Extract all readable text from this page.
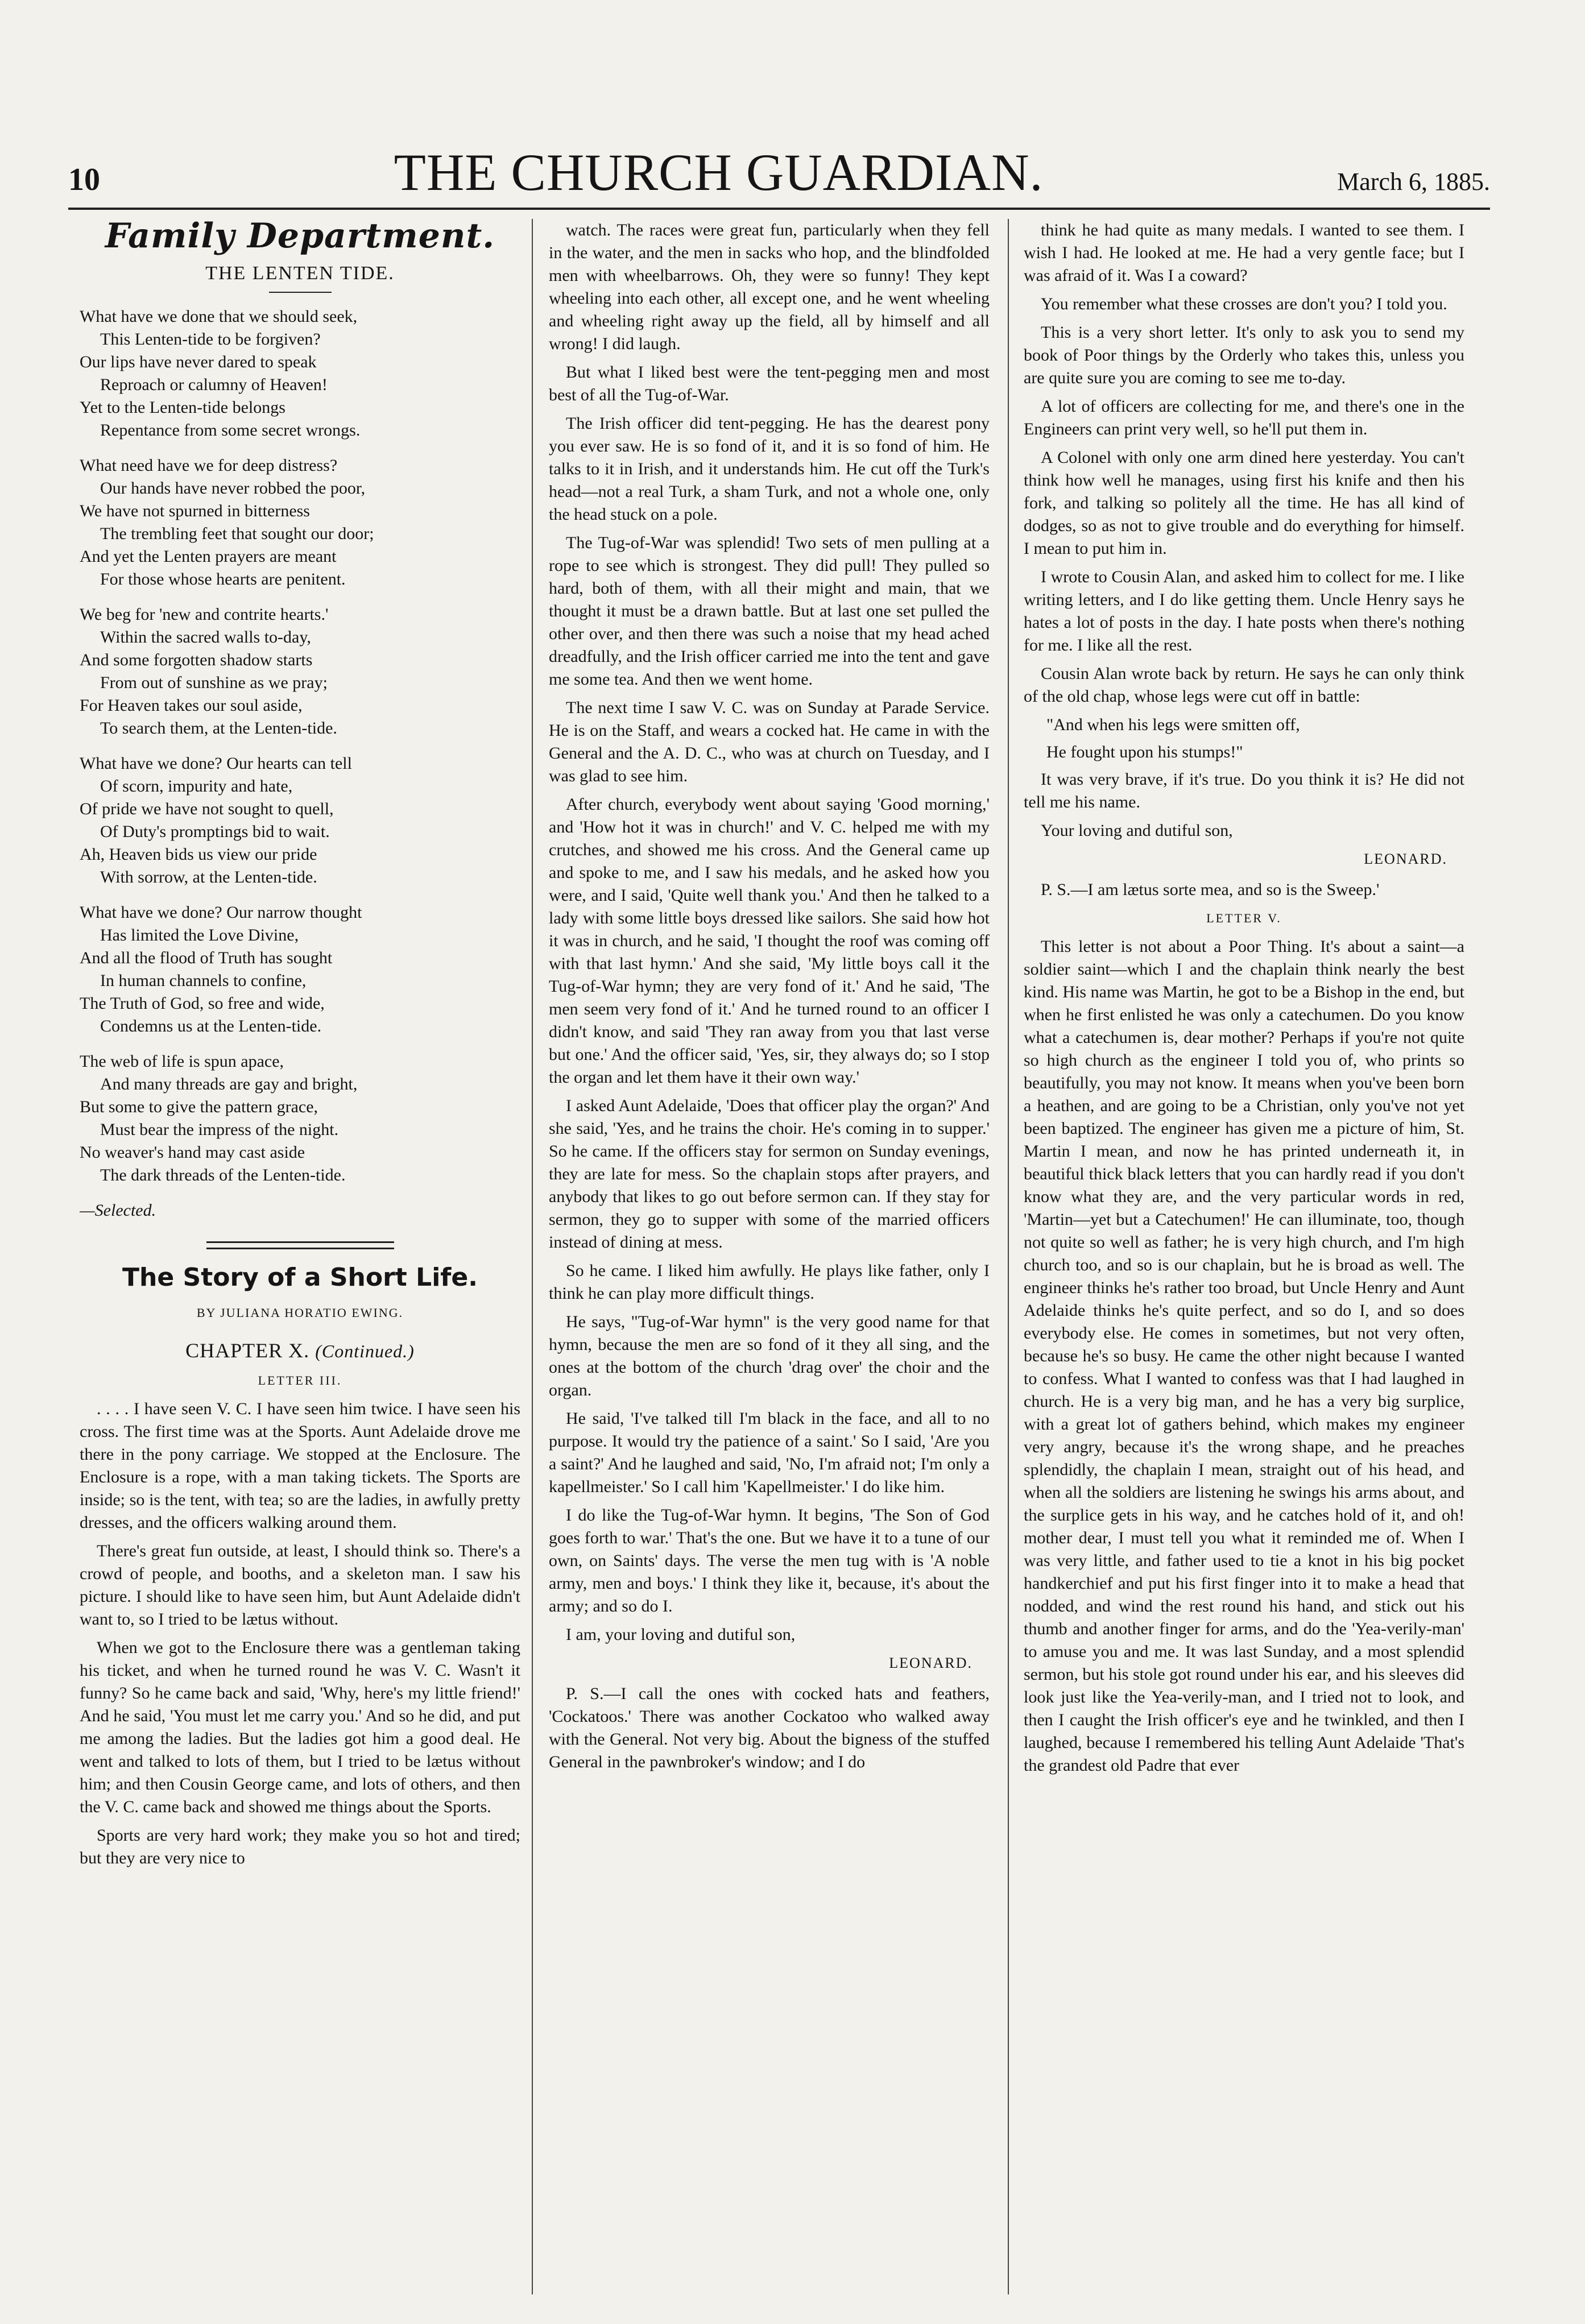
10	THE CHURCH GUARDIAN.	March 6, 1885.
Family Department.
THE LENTEN TIDE.
What have we done that we should seek,
This Lenten-tide to be forgiven?
Our lips have never dared to speak
Reproach or calumny of Heaven!
Yet to the Lenten-tide belongs
Repentance from some secret wrongs.
What need have we for deep distress?
Our hands have never robbed the poor,
We have not spurned in bitterness
The trembling feet that sought our door;
And yet the Lenten prayers are meant
For those whose hearts are penitent.
We beg for 'new and contrite hearts.'
Within the sacred walls to-day,
And some forgotten shadow starts
From out of sunshine as we pray;
For Heaven takes our soul aside,
To search them, at the Lenten-tide.
What have we done? Our hearts can tell
Of scorn, impurity and hate,
Of pride we have not sought to quell,
Of Duty's promptings bid to wait.
Ah, Heaven bids us view our pride
With sorrow, at the Lenten-tide.
What have we done? Our narrow thought
Has limited the Love Divine,
And all the flood of Truth has sought
In human channels to confine,
The Truth of God, so free and wide,
Condemns us at the Lenten-tide.
The web of life is spun apace,
And many threads are gay and bright,
But some to give the pattern grace,
Must bear the impress of the night.
No weaver's hand may cast aside
The dark threads of the Lenten-tide.
—Selected.
The Story of a Short Life.
BY JULIANA HORATIO EWING.
CHAPTER X. (Continued.)
LETTER III.

. . . . I have seen V. C. I have seen him twice. I have seen his cross. The first time was at the Sports. Aunt Adelaide drove me there in the pony carriage. We stopped at the Enclosure. The Enclosure is a rope, with a man taking tickets. The Sports are inside; so is the tent, with tea; so are the ladies, in awfully pretty dresses, and the officers walking around them.

There's great fun outside, at least, I should think so. There's a crowd of people, and booths, and a skeleton man. I saw his picture. I should like to have seen him, but Aunt Adelaide didn't want to, so I tried to be lætus without.

When we got to the Enclosure there was a gentleman taking his ticket, and when he turned round he was V. C. Wasn't it funny? So he came back and said, 'Why, here's my little friend!' And he said, 'You must let me carry you.' And so he did, and put me among the ladies. But the ladies got him a good deal. He went and talked to lots of them, but I tried to be lætus without him; and then Cousin George came, and lots of others, and then the V. C. came back and showed me things about the Sports.

Sports are very hard work; they make you so hot and tired; but they are very nice to

watch. The races were great fun, particularly when they fell in the water, and the men in sacks who hop, and the blindfolded men with wheelbarrows. Oh, they were so funny! They kept wheeling into each other, all except one, and he went wheeling and wheeling right away up the field, all by himself and all wrong! I did laugh.

But what I liked best were the tent-pegging men and most best of all the Tug-of-War.

The Irish officer did tent-pegging. He has the dearest pony you ever saw. He is so fond of it, and it is so fond of him. He talks to it in Irish, and it understands him. He cut off the Turk's head—not a real Turk, a sham Turk, and not a whole one, only the head stuck on a pole.

The Tug-of-War was splendid! Two sets of men pulling at a rope to see which is strongest. They did pull! They pulled so hard, both of them, with all their might and main, that we thought it must be a drawn battle. But at last one set pulled the other over, and then there was such a noise that my head ached dreadfully, and the Irish officer carried me into the tent and gave me some tea. And then we went home.

The next time I saw V. C. was on Sunday at Parade Service. He is on the Staff, and wears a cocked hat. He came in with the General and the A. D. C., who was at church on Tuesday, and I was glad to see him.

After church, everybody went about saying 'Good morning,' and 'How hot it was in church!' and V. C. helped me with my crutches, and showed me his cross. And the General came up and spoke to me, and I saw his medals, and he asked how you were, and I said, 'Quite well thank you.' And then he talked to a lady with some little boys dressed like sailors. She said how hot it was in church, and he said, 'I thought the roof was coming off with that last hymn.' And she said, 'My little boys call it the Tug-of-War hymn; they are very fond of it.' And he said, 'The men seem very fond of it.' And he turned round to an officer I didn't know, and said 'They ran away from you that last verse but one.' And the officer said, 'Yes, sir, they always do; so I stop the organ and let them have it their own way.'

I asked Aunt Adelaide, 'Does that officer play the organ?' And she said, 'Yes, and he trains the choir. He's coming in to supper.' So he came. If the officers stay for sermon on Sunday evenings, they are late for mess. So the chaplain stops after prayers, and anybody that likes to go out before sermon can. If they stay for sermon, they go to supper with some of the married officers instead of dining at mess.

So he came. I liked him awfully. He plays like father, only I think he can play more difficult things.

He says, "Tug-of-War hymn" is the very good name for that hymn, because the men are so fond of it they all sing, and the ones at the bottom of the church 'drag over' the choir and the organ.

He said, 'I've talked till I'm black in the face, and all to no purpose. It would try the patience of a saint.' So I said, 'Are you a saint?' And he laughed and said, 'No, I'm afraid not; I'm only a kapellmeister.' So I call him 'Kapellmeister.' I do like him.

I do like the Tug-of-War hymn. It begins, 'The Son of God goes forth to war.' That's the one. But we have it to a tune of our own, on Saints' days. The verse the men tug with is 'A noble army, men and boys.' I think they like it, because, it's about the army; and so do I.

I am, your loving and dutiful son,

LEONARD.

P. S.—I call the ones with cocked hats and feathers, 'Cockatoos.' There was another Cockatoo who walked away with the General. Not very big. About the bigness of the stuffed General in the pawnbroker's window; and I do

think he had quite as many medals. I wanted to see them. I wish I had. He looked at me. He had a very gentle face; but I was afraid of it. Was I a coward?

You remember what these crosses are don't you? I told you.

This is a very short letter. It's only to ask you to send my book of Poor things by the Orderly who takes this, unless you are quite sure you are coming to see me to-day.

A lot of officers are collecting for me, and there's one in the Engineers can print very well, so he'll put them in.

A Colonel with only one arm dined here yesterday. You can't think how well he manages, using first his knife and then his fork, and talking so politely all the time. He has all kind of dodges, so as not to give trouble and do everything for himself. I mean to put him in.

I wrote to Cousin Alan, and asked him to collect for me. I like writing letters, and I do like getting them. Uncle Henry says he hates a lot of posts in the day. I hate posts when there's nothing for me. I like all the rest.

Cousin Alan wrote back by return. He says he can only think of the old chap, whose legs were cut off in battle:

"And when his legs were smitten off,
He fought upon his stumps!"

It was very brave, if it's true. Do you think it is? He did not tell me his name.

Your loving and dutiful son,

LEONARD.

P. S.—I am lætus sorte mea, and so is the Sweep.'

LETTER V.

This letter is not about a Poor Thing. It's about a saint—a soldier saint—which I and the chaplain think nearly the best kind. His name was Martin, he got to be a Bishop in the end, but when he first enlisted he was only a catechumen. Do you know what a catechumen is, dear mother? Perhaps if you're not quite so high church as the engineer I told you of, who prints so beautifully, you may not know. It means when you've been born a heathen, and are going to be a Christian, only you've not yet been baptized. The engineer has given me a picture of him, St. Martin I mean, and now he has printed underneath it, in beautiful thick black letters that you can hardly read if you don't know what they are, and the very particular words in red, 'Martin—yet but a Catechumen!' He can illuminate, too, though not quite so well as father; he is very high church, and I'm high church too, and so is our chaplain, but he is broad as well. The engineer thinks he's rather too broad, but Uncle Henry and Aunt Adelaide thinks he's quite perfect, and so do I, and so does everybody else. He comes in sometimes, but not very often, because he's so busy. He came the other night because I wanted to confess. What I wanted to confess was that I had laughed in church. He is a very big man, and he has a very big surplice, with a great lot of gathers behind, which makes my engineer very angry, because it's the wrong shape, and he preaches splendidly, the chaplain I mean, straight out of his head, and when all the soldiers are listening he swings his arms about, and the surplice gets in his way, and he catches hold of it, and oh! mother dear, I must tell you what it reminded me of. When I was very little, and father used to tie a knot in his big pocket handkerchief and put his first finger into it to make a head that nodded, and wind the rest round his hand, and stick out his thumb and another finger for arms, and do the 'Yea-verily-man' to amuse you and me. It was last Sunday, and a most splendid sermon, but his stole got round under his ear, and his sleeves did look just like the Yea-verily-man, and I tried not to look, and then I caught the Irish officer's eye and he twinkled, and then I laughed, because I remembered his telling Aunt Adelaide 'That's the grandest old Padre that ever
